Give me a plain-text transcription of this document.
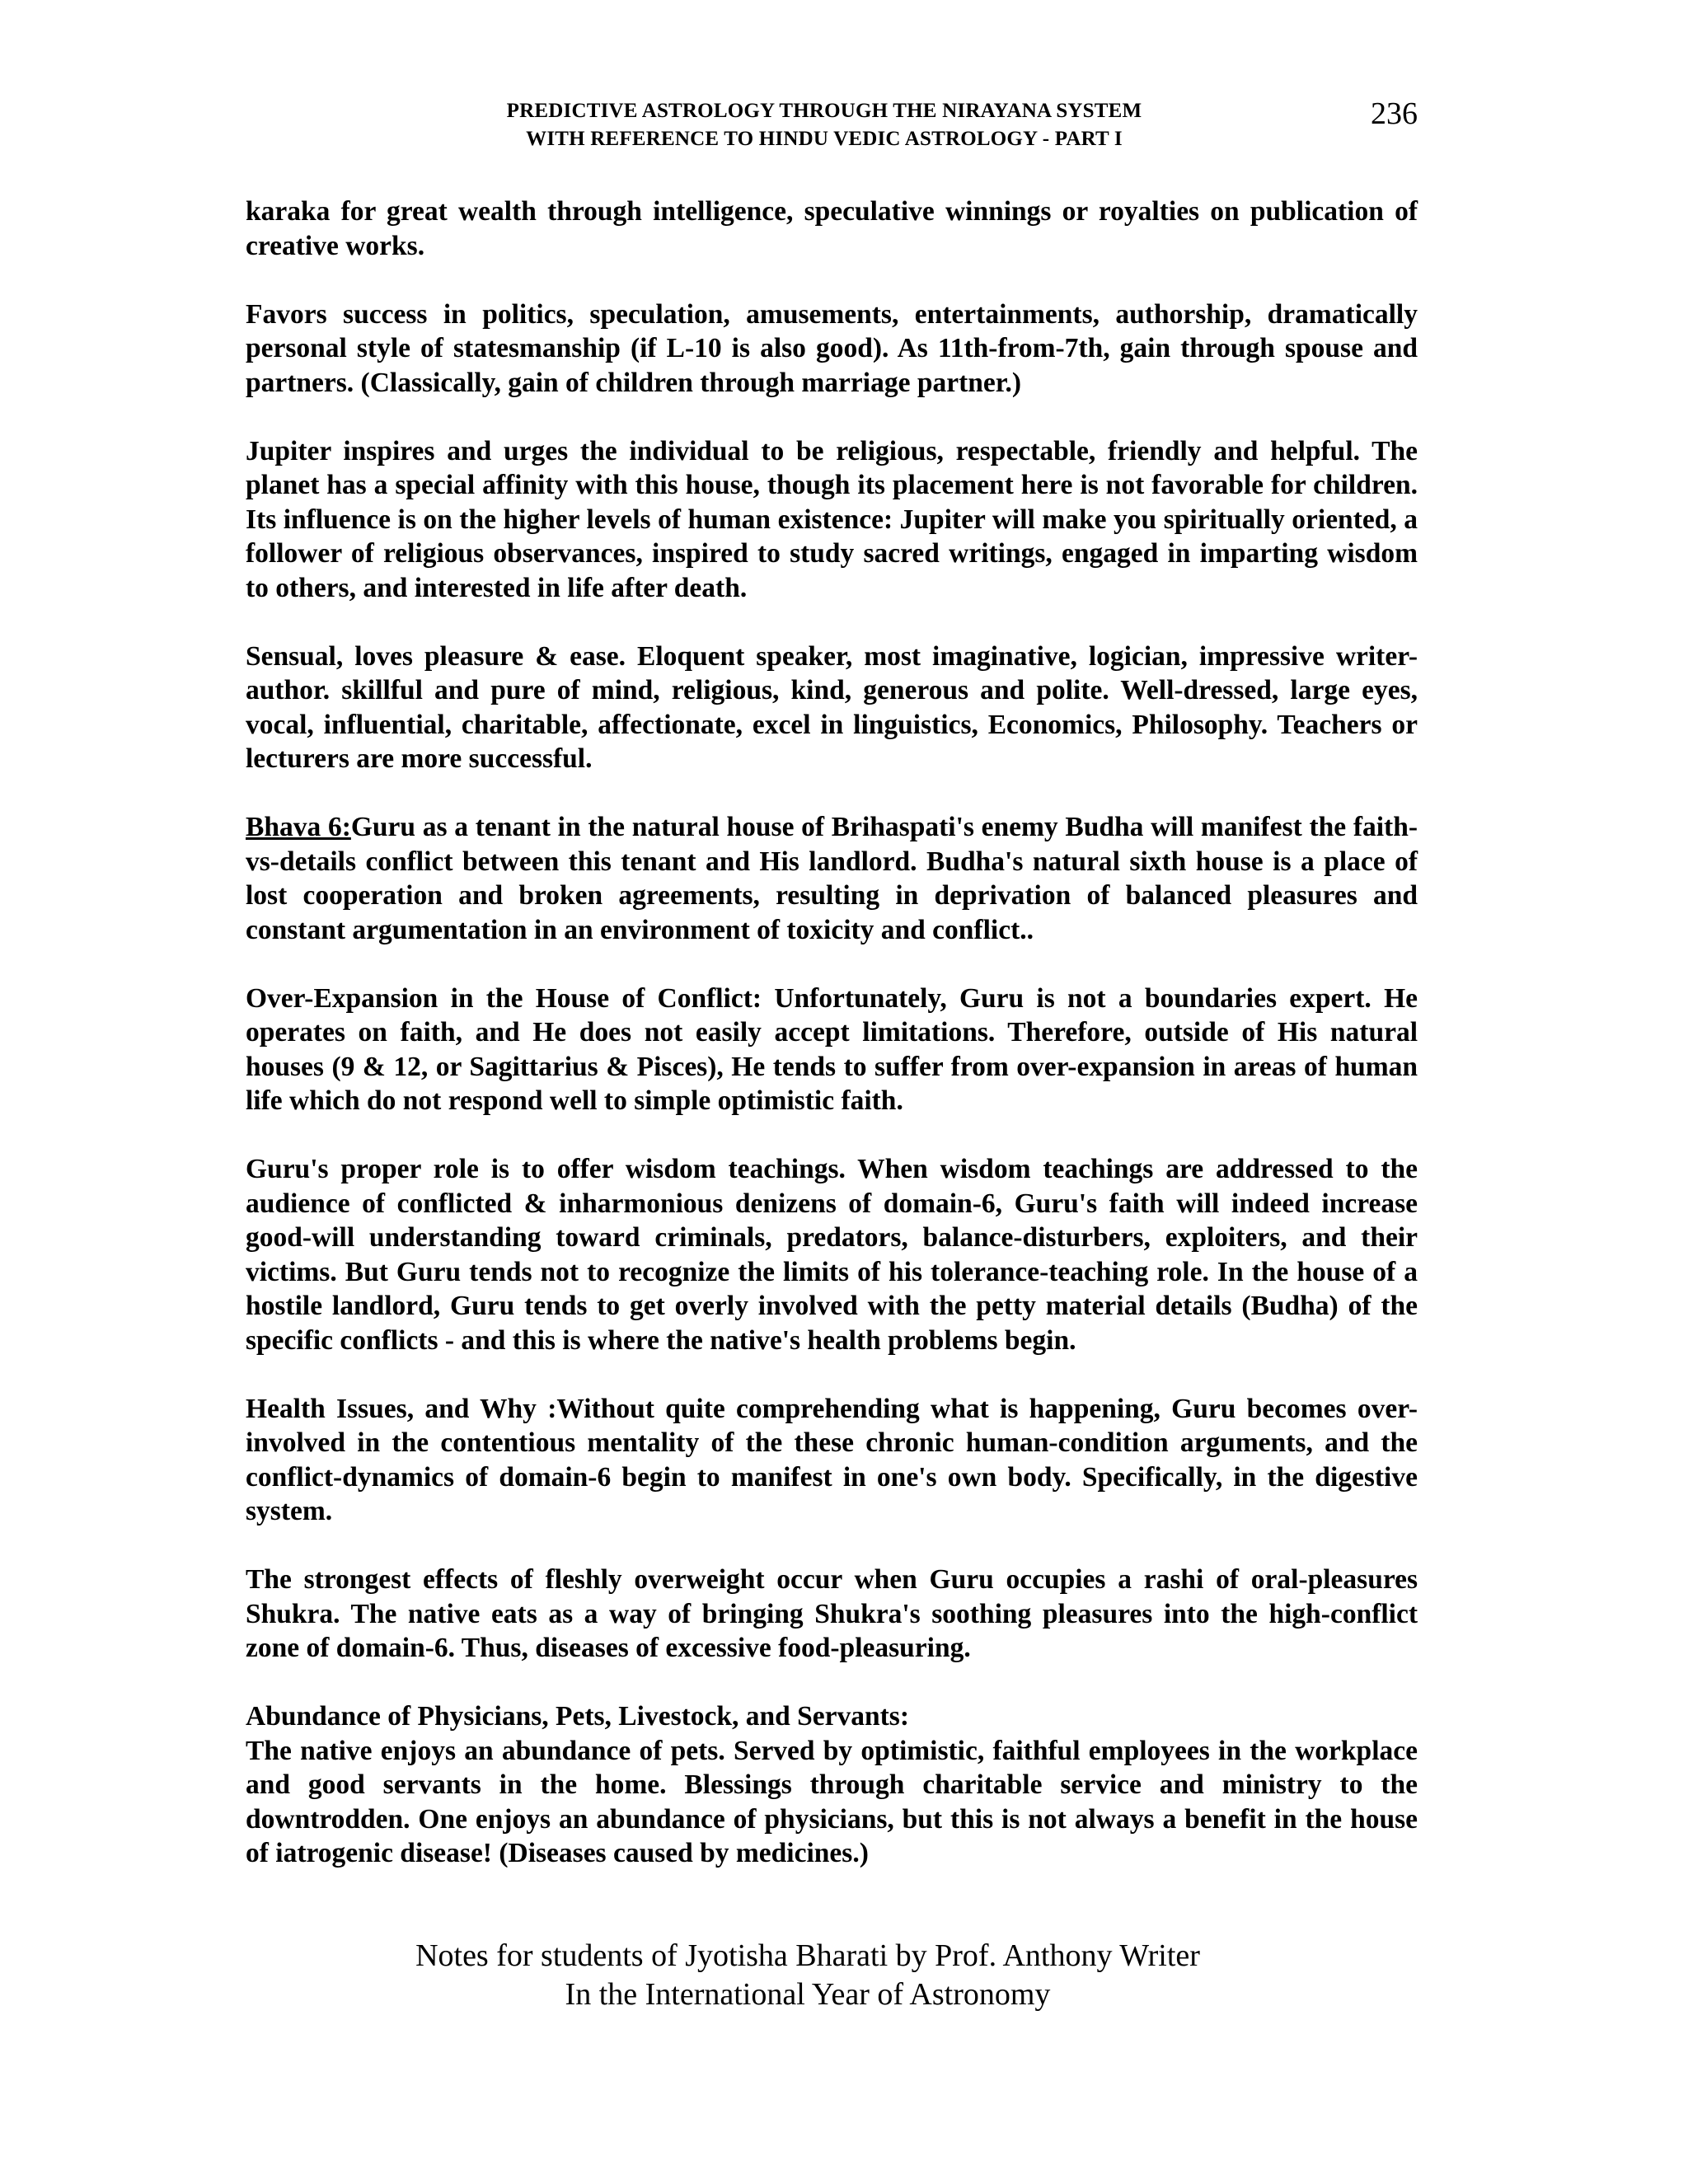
PREDICTIVE ASTROLOGY THROUGH THE NIRAYANA SYSTEM
WITH REFERENCE TO HINDU VEDIC ASTROLOGY - PART I
236

karaka for great wealth through intelligence, speculative winnings or royalties on publication of creative works.

Favors success in politics, speculation, amusements, entertainments, authorship, dramatically personal style of statesmanship (if L-10 is also good). As 11th-from-7th, gain through spouse and partners. (Classically, gain of children through marriage partner.)

Jupiter inspires and urges the individual to be religious, respectable, friendly and helpful. The planet has a special affinity with this house, though its placement here is not favorable for children. Its influence is on the higher levels of human existence: Jupiter will make you spiritually oriented, a follower of religious observances, inspired to study sacred writings, engaged in imparting wisdom to others, and interested in life after death.

Sensual, loves pleasure & ease. Eloquent speaker, most imaginative, logician, impressive writer-author. skillful and pure of mind, religious, kind, generous and polite. Well-dressed, large eyes, vocal, influential, charitable, affectionate, excel in linguistics, Economics, Philosophy. Teachers or lecturers are more successful.

Bhava 6:Guru as a tenant in the natural house of Brihaspati's enemy Budha will manifest the faith-vs-details conflict between this tenant and His landlord. Budha's natural sixth house is a place of lost cooperation and broken agreements, resulting in deprivation of balanced pleasures and constant argumentation in an environment of toxicity and conflict..

Over-Expansion in the House of Conflict: Unfortunately, Guru is not a boundaries expert. He operates on faith, and He does not easily accept limitations. Therefore, outside of His natural houses (9 & 12, or Sagittarius & Pisces), He tends to suffer from over-expansion in areas of human life which do not respond well to simple optimistic faith.

Guru's proper role is to offer wisdom teachings. When wisdom teachings are addressed to the audience of conflicted & inharmonious denizens of domain-6, Guru's faith will indeed increase good-will understanding toward criminals, predators, balance-disturbers, exploiters, and their victims. But Guru tends not to recognize the limits of his tolerance-teaching role. In the house of a hostile landlord, Guru tends to get overly involved with the petty material details (Budha) of the specific conflicts - and this is where the native's health problems begin.

Health Issues, and Why :Without quite comprehending what is happening, Guru becomes over-involved in the contentious mentality of the these chronic human-condition arguments, and the conflict-dynamics of domain-6 begin to manifest in one's own body. Specifically, in the digestive system.

The strongest effects of fleshly overweight occur when Guru occupies a rashi of oral-pleasures Shukra. The native eats as a way of bringing Shukra's soothing pleasures into the high-conflict zone of domain-6. Thus, diseases of excessive food-pleasuring.

Abundance of Physicians, Pets, Livestock, and Servants:

The native enjoys an abundance of pets. Served by optimistic, faithful employees in the workplace and good servants in the home. Blessings through charitable service and ministry to the downtrodden. One enjoys an abundance of physicians, but this is not always a benefit in the house of iatrogenic disease! (Diseases caused by medicines.)

Notes for students of Jyotisha Bharati by Prof. Anthony Writer
In the International Year of Astronomy
